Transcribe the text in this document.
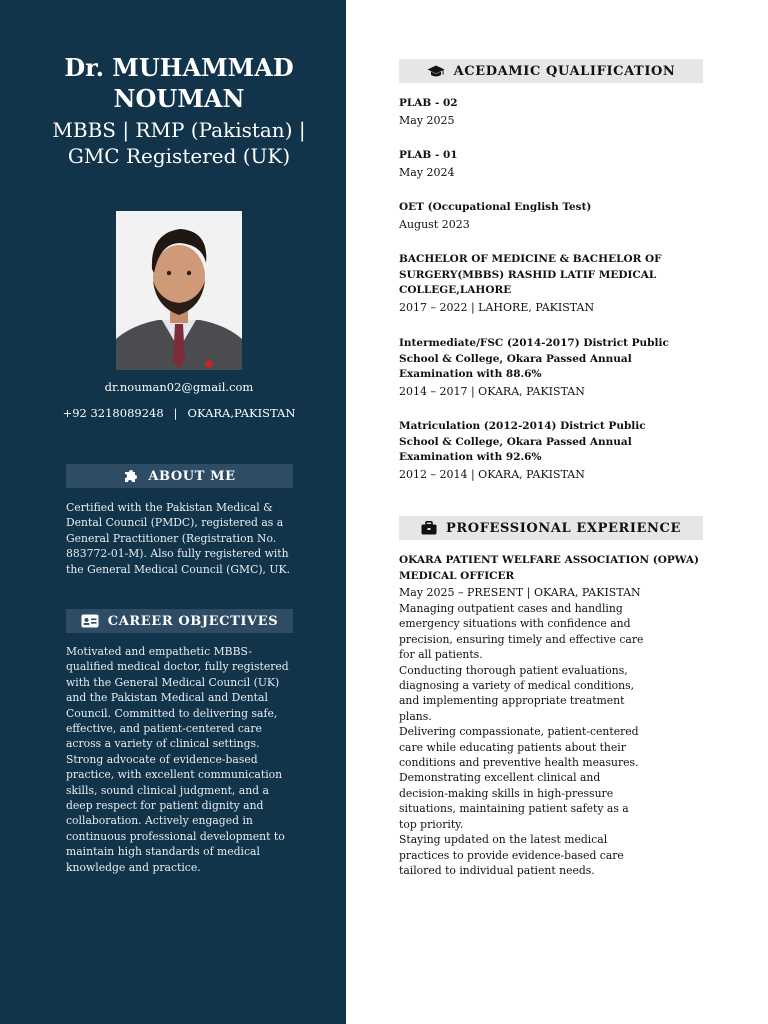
Dr. MUHAMMAD NOUMAN
MBBS | RMP (Pakistan) | GMC Registered (UK)
dr.nouman02@gmail.com
+92 3218089248 | OKARA,PAKISTAN
ABOUT ME
Certified with the Pakistan Medical & Dental Council (PMDC), registered as a General Practitioner (Registration No. 883772-01-M). Also fully registered with the General Medical Council (GMC), UK.
CAREER OBJECTIVES
Motivated and empathetic MBBS-qualified medical doctor, fully registered with the General Medical Council (UK) and the Pakistan Medical and Dental Council. Committed to delivering safe, effective, and patient-centered care across a variety of clinical settings. Strong advocate of evidence-based practice, with excellent communication skills, sound clinical judgment, and a deep respect for patient dignity and collaboration. Actively engaged in continuous professional development to maintain high standards of medical knowledge and practice.
ACEDAMIC QUALIFICATION
PLAB - 02
May 2025
PLAB - 01
May 2024
OET (Occupational English Test)
August 2023
BACHELOR OF MEDICINE & BACHELOR OF SURGERY(MBBS) RASHID LATIF MEDICAL COLLEGE,LAHORE
2017 – 2022 | LAHORE, PAKISTAN
Intermediate/FSC (2014-2017) District Public School & College, Okara Passed Annual Examination with 88.6%
2014 – 2017 | OKARA, PAKISTAN
Matriculation (2012-2014) District Public School & College, Okara Passed Annual Examination with 92.6%
2012 – 2014 | OKARA, PAKISTAN
PROFESSIONAL EXPERIENCE
OKARA PATIENT WELFARE ASSOCIATION (OPWA) MEDICAL OFFICER
May 2025 – PRESENT | OKARA, PAKISTAN
Managing outpatient cases and handling emergency situations with confidence and precision, ensuring timely and effective care for all patients.
Conducting thorough patient evaluations, diagnosing a variety of medical conditions, and implementing appropriate treatment plans.
Delivering compassionate, patient-centered care while educating patients about their conditions and preventive health measures.
Demonstrating excellent clinical and decision-making skills in high-pressure situations, maintaining patient safety as a top priority.
Staying updated on the latest medical practices to provide evidence-based care tailored to individual patient needs.
